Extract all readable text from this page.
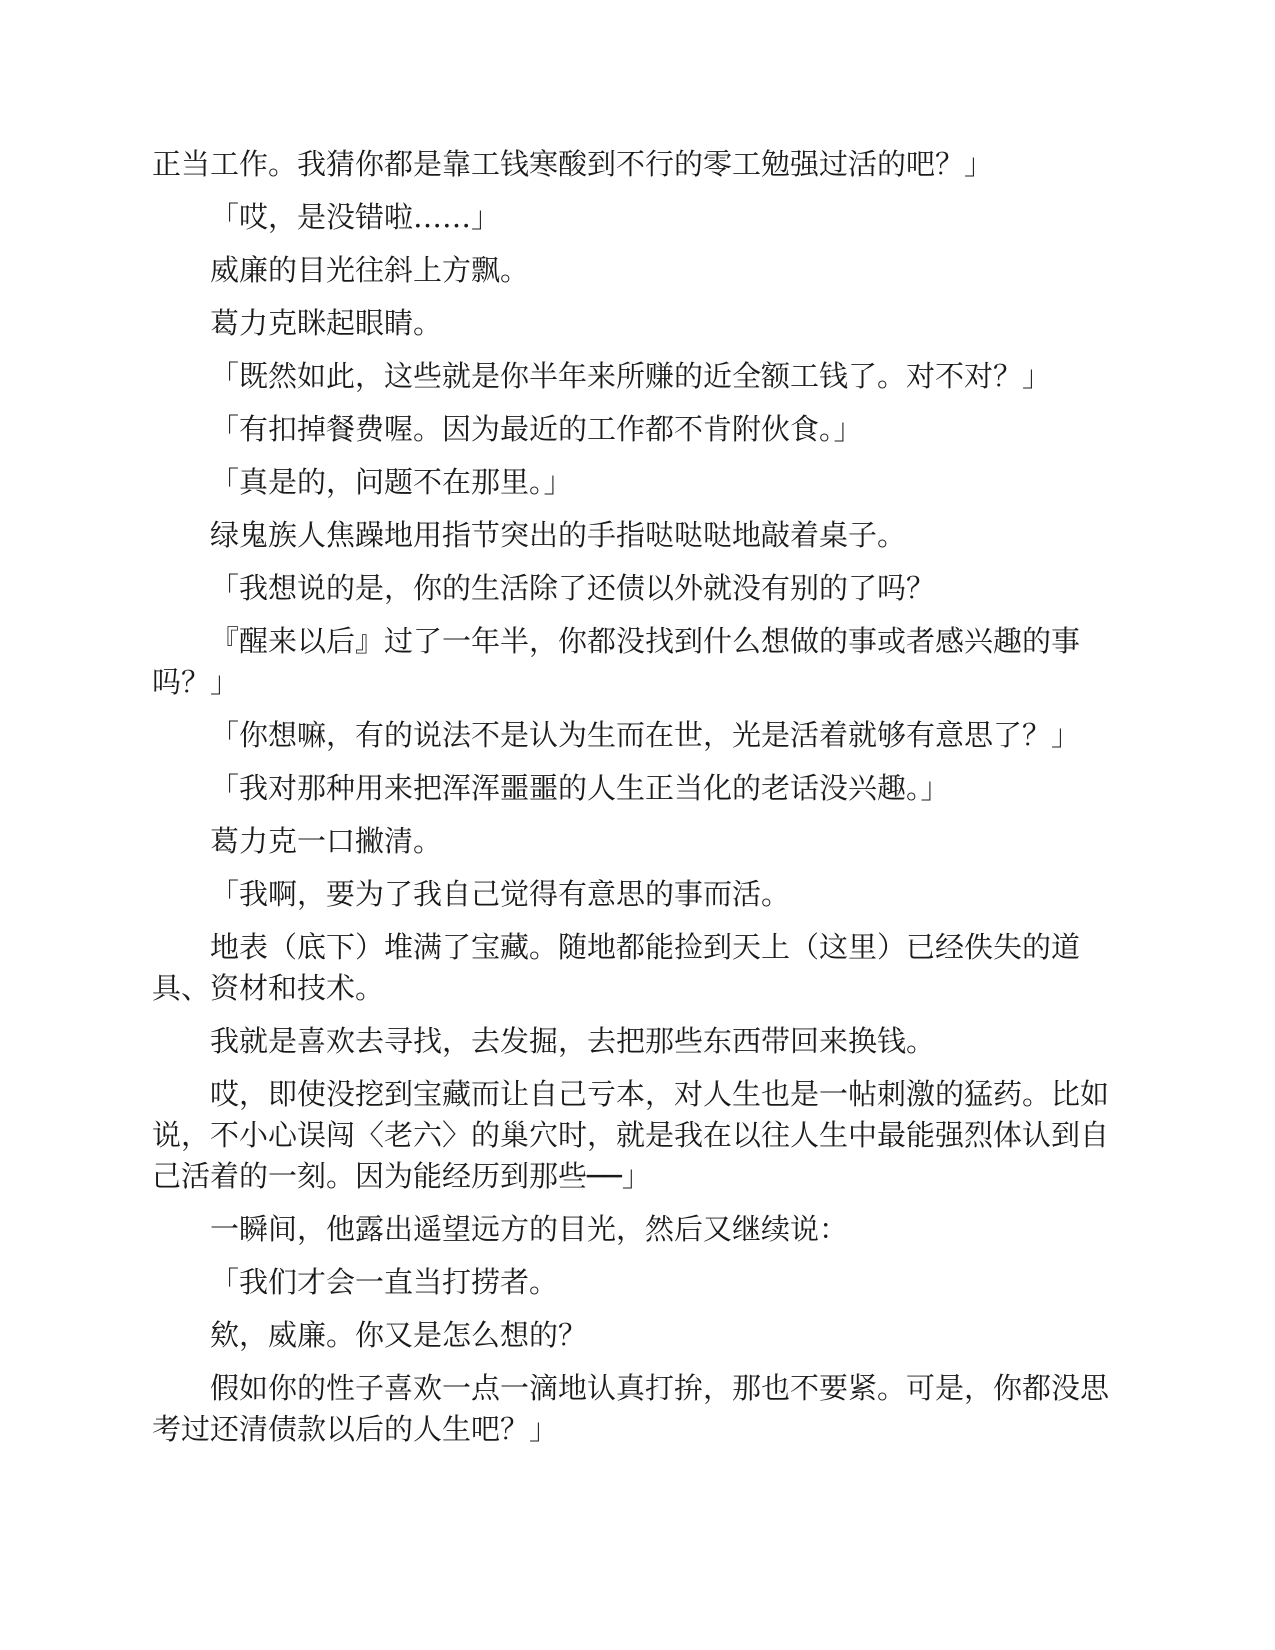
正当工作。我猜你都是靠工钱寒酸到不行的零工勉强过活的吧？」

「哎，是没错啦……」

威廉的目光往斜上方飘。

葛力克眯起眼睛。

「既然如此，这些就是你半年来所赚的近全额工钱了。对不对？」

「有扣掉餐费喔。因为最近的工作都不肯附伙食。」

「真是的，问题不在那里。」

绿鬼族人焦躁地用指节突出的手指哒哒哒地敲着桌子。

「我想说的是，你的生活除了还债以外就没有别的了吗？

『醒来以后』过了一年半，你都没找到什么想做的事或者感兴趣的事吗？」

「你想嘛，有的说法不是认为生而在世，光是活着就够有意思了？」

「我对那种用来把浑浑噩噩的人生正当化的老话没兴趣。」

葛力克一口撇清。

「我啊，要为了我自己觉得有意思的事而活。

地表（底下）堆满了宝藏。随地都能捡到天上（这里）已经佚失的道具、资材和技术。

我就是喜欢去寻找，去发掘，去把那些东西带回来换钱。

哎，即使没挖到宝藏而让自己亏本，对人生也是一帖刺激的猛药。比如说，不小心误闯〈老六〉的巢穴时，就是我在以往人生中最能强烈体认到自己活着的一刻。因为能经历到那些──」

一瞬间，他露出遥望远方的目光，然后又继续说：

「我们才会一直当打捞者。

欸，威廉。你又是怎么想的？

假如你的性子喜欢一点一滴地认真打拚，那也不要紧。可是，你都没思考过还清债款以后的人生吧？」
